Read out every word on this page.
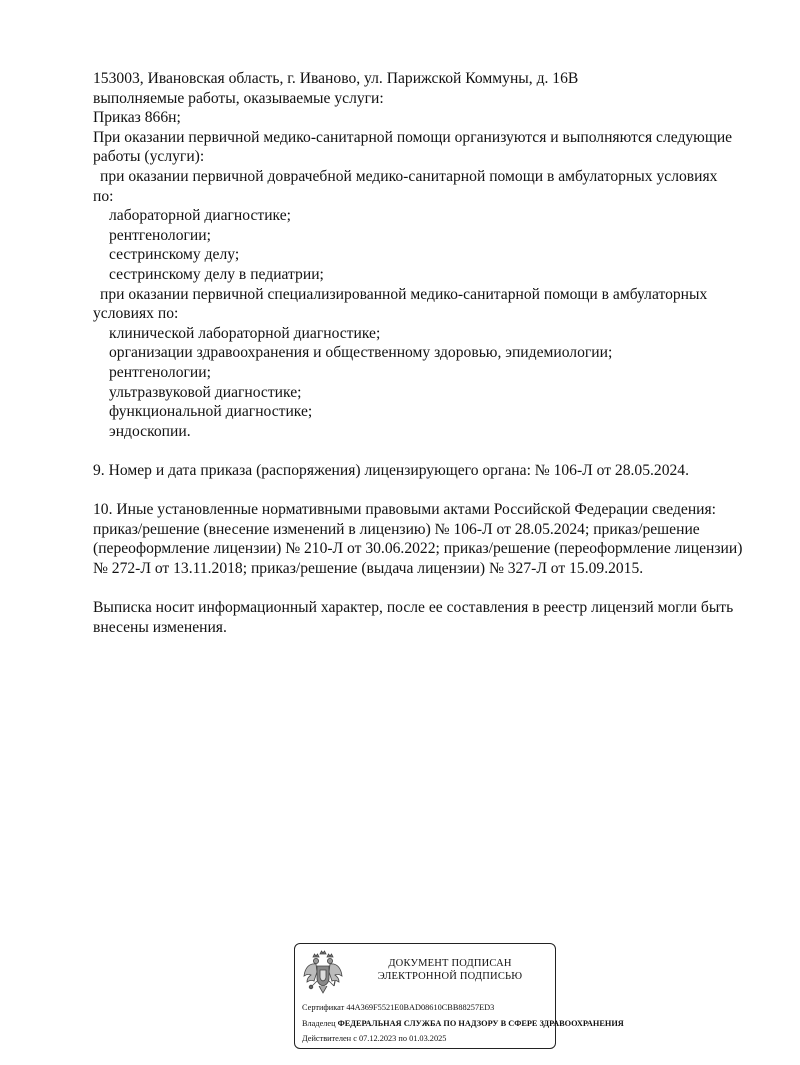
153003, Ивановская область, г. Иваново, ул. Парижской Коммуны, д. 16В
выполняемые работы, оказываемые услуги:
Приказ 866н;
При оказании первичной медико-санитарной помощи организуются и выполняются следующие
работы (услуги):
при оказании первичной доврачебной медико-санитарной помощи в амбулаторных условиях
по:
лабораторной диагностике;
рентгенологии;
сестринскому делу;
сестринскому делу в педиатрии;
при оказании первичной специализированной медико-санитарной помощи в амбулаторных
условиях по:
клинической лабораторной диагностике;
организации здравоохранения и общественному здоровью, эпидемиологии;
рентгенологии;
ультразвуковой диагностике;
функциональной диагностике;
эндоскопии.
9. Номер и дата приказа (распоряжения) лицензирующего органа: № 106-Л от 28.05.2024.
10. Иные установленные нормативными правовыми актами Российской Федерации сведения:
приказ/решение (внесение изменений в лицензию) № 106-Л от 28.05.2024; приказ/решение
(переоформление лицензии) № 210-Л от 30.06.2022; приказ/решение (переоформление лицензии)
№ 272-Л от 13.11.2018; приказ/решение (выдача лицензии) № 327-Л от 15.09.2015.
Выписка носит информационный характер, после ее составления в реестр лицензий могли быть
внесены изменения.
ДОКУМЕНТ ПОДПИСАН
ЭЛЕКТРОННОЙ ПОДПИСЬЮ
Сертификат 44A369F5521E0BAD08610CBB88257ED3
Владелец ФЕДЕРАЛЬНАЯ СЛУЖБА ПО НАДЗОРУ В СФЕРЕ ЗДРАВООХРАНЕНИЯ
Действителен с 07.12.2023 по 01.03.2025
